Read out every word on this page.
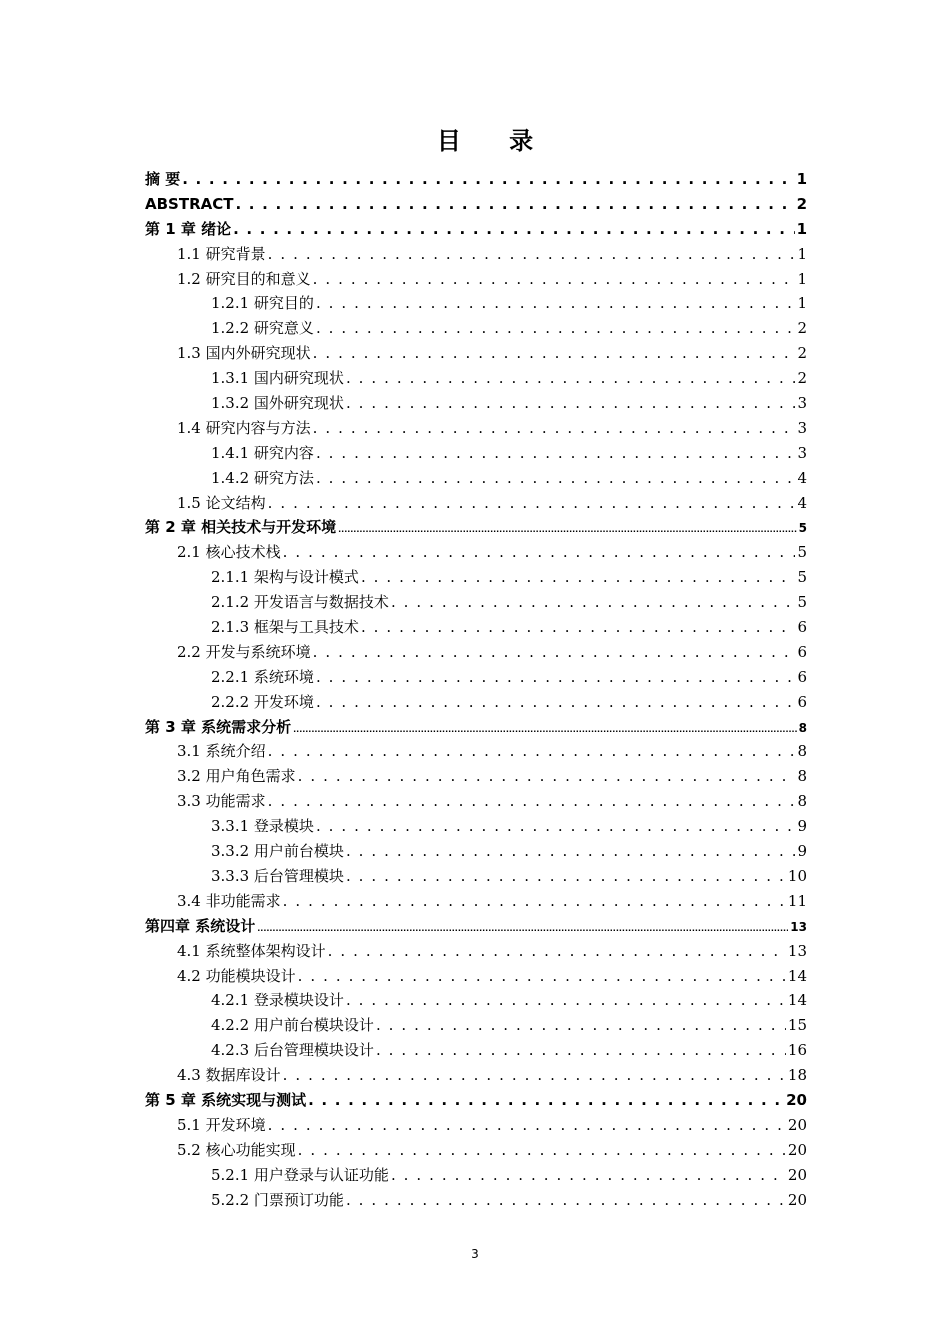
目 录
摘 要 . . .	1
ABSTRACT . . .	2
第 1 章 绪论 . . .	1
1.1 研究背景 . . .	1
1.2 研究目的和意义 . . .	1
1.2.1 研究目的 . . .	1
1.2.2 研究意义 . . .	2
1.3 国内外研究现状 . . .	2
1.3.1 国内研究现状 . . .	2
1.3.2 国外研究现状 . . .	3
1.4 研究内容与方法 . . .	3
1.4.1 研究内容 . . .	3
1.4.2 研究方法 . . .	4
1.5 论文结构 . . .	4
第 2 章 相关技术与开发环境 .....	5
2.1 核心技术栈 . . .	5
2.1.1 架构与设计模式 . . .	5
2.1.2 开发语言与数据技术 . . .	5
2.1.3 框架与工具技术 . . .	6
2.2 开发与系统环境 . . .	6
2.2.1 系统环境 . . .	6
2.2.2 开发环境 . . .	6
第 3 章 系统需求分析 .....	8
3.1 系统介绍 . . .	8
3.2 用户角色需求 . . .	8
3.3 功能需求 . . .	8
3.3.1 登录模块 . . .	9
3.3.2 用户前台模块 . . .	9
3.3.3 后台管理模块 . . .	10
3.4 非功能需求 . . .	11
第四章 系统设计 .....	13
4.1 系统整体架构设计 . . .	13
4.2 功能模块设计 . . .	14
4.2.1 登录模块设计 . . .	14
4.2.2 用户前台模块设计 . . .	15
4.2.3 后台管理模块设计 . . .	16
4.3 数据库设计 . . .	18
第 5 章 系统实现与测试 . . .	20
5.1 开发环境 . . .	20
5.2 核心功能实现 . . .	20
5.2.1 用户登录与认证功能 . . .	20
5.2.2 门票预订功能 . . .	20
3
